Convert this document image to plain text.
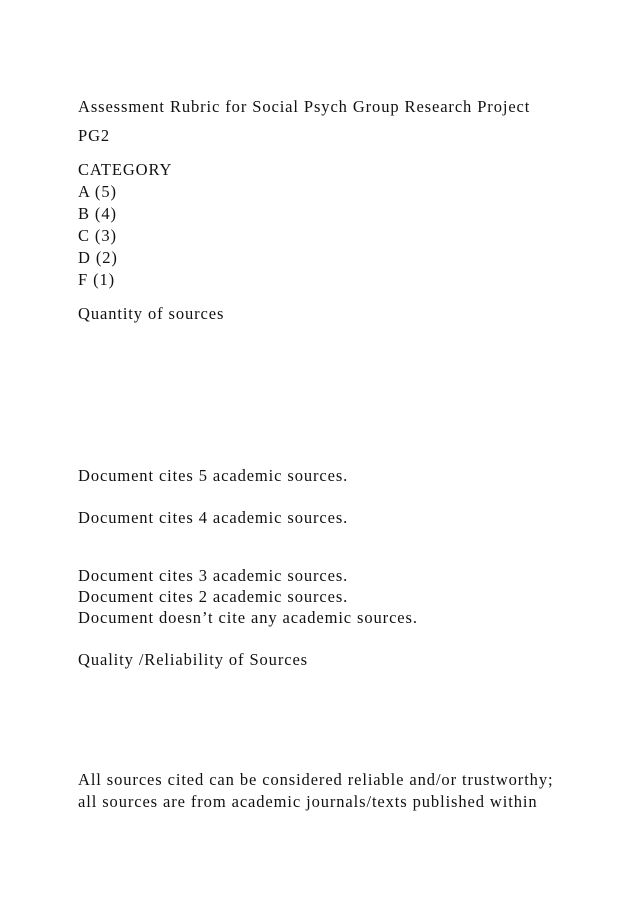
Assessment Rubric for Social Psych Group Research Project

PG2

CATEGORY

A (5)

B (4)

C (3)

D (2)

F (1)

Quantity of sources

Document cites 5 academic sources.

Document cites 4 academic sources.

Document cites 3 academic sources.

Document cites 2 academic sources.

Document doesn’t cite any academic sources.

Quality /Reliability of Sources

All sources cited can be considered reliable and/or trustworthy;

all sources are from academic journals/texts published within
